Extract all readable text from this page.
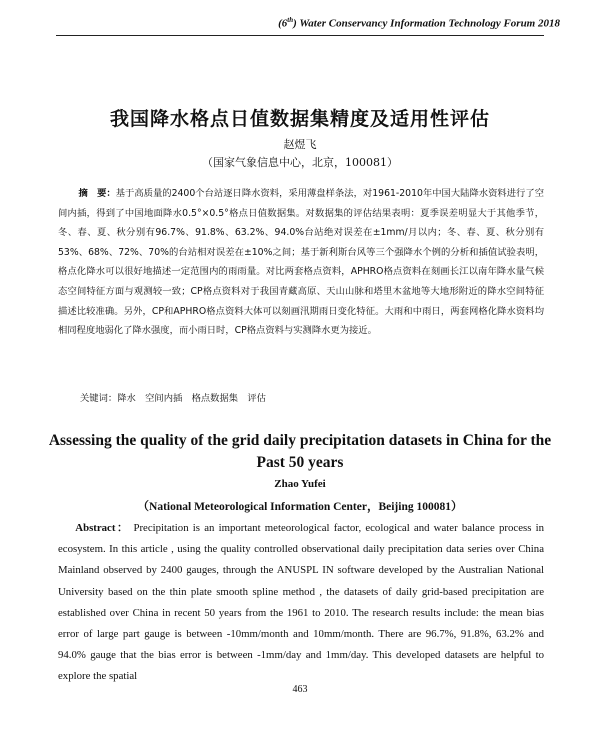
(6th) Water Conservancy Information Technology Forum 2018
我国降水格点日值数据集精度及适用性评估
赵煜飞
（国家气象信息中心，北京，100081）
摘　要：基于高质量的2400个台站逐日降水资料，采用薄盘样条法，对1961-2010年中国大陆降水资料进行了空间内插，得到了中国地面降水0.5°×0.5°格点日值数据集。对数据集的评估结果表明：夏季误差明显大于其他季节，冬、春、夏、秋分别有96.7%、91.8%、63.2%、94.0%台站绝对误差在±1mm/月以内；冬、春、夏、秋分别有53%、68%、72%、70%的台站相对误差在±10%之间；基于新利斯台风等三个强降水个例的分析和插值试验表明，格点化降水可以很好地描述一定范围内的雨雨量。对比两套格点资料，APHRO格点资料在刻画长江以南年降水量气候态空间特征方面与观测较一致；CP格点资料对于我国青藏高原、天山山脉和塔里木盆地等大地形附近的降水空间特征描述比较准确。另外，CP和APHRO格点资料大体可以刻画汛期雨日变化特征。大雨和中雨日，两套网格化降水资料均相同程度地弱化了降水强度，而小雨日时，CP格点资料与实测降水更为接近。
关键词：降水　空间内插　格点数据集　评估
Assessing the quality of the grid daily precipitation datasets in China for the Past 50 years
Zhao Yufei
（National Meteorological Information Center，Beijing 100081）
Abstract： Precipitation is an important meteorological factor, ecological and water balance process in ecosystem. In this article , using the quality controlled observational daily precipitation data series over China Mainland observed by 2400 gauges, through the ANUSPL IN software developed by the Australian National University based on the thin plate smooth spline method , the datasets of daily grid-based precipitation are established over China in recent 50 years from the 1961 to 2010. The research results include: the mean bias error of large part gauge is between -10mm/month and 10mm/month. There are 96.7%, 91.8%, 63.2% and 94.0% gauge that the bias error is between -1mm/day and 1mm/day. This developed datasets are helpful to explore the spatial
463
